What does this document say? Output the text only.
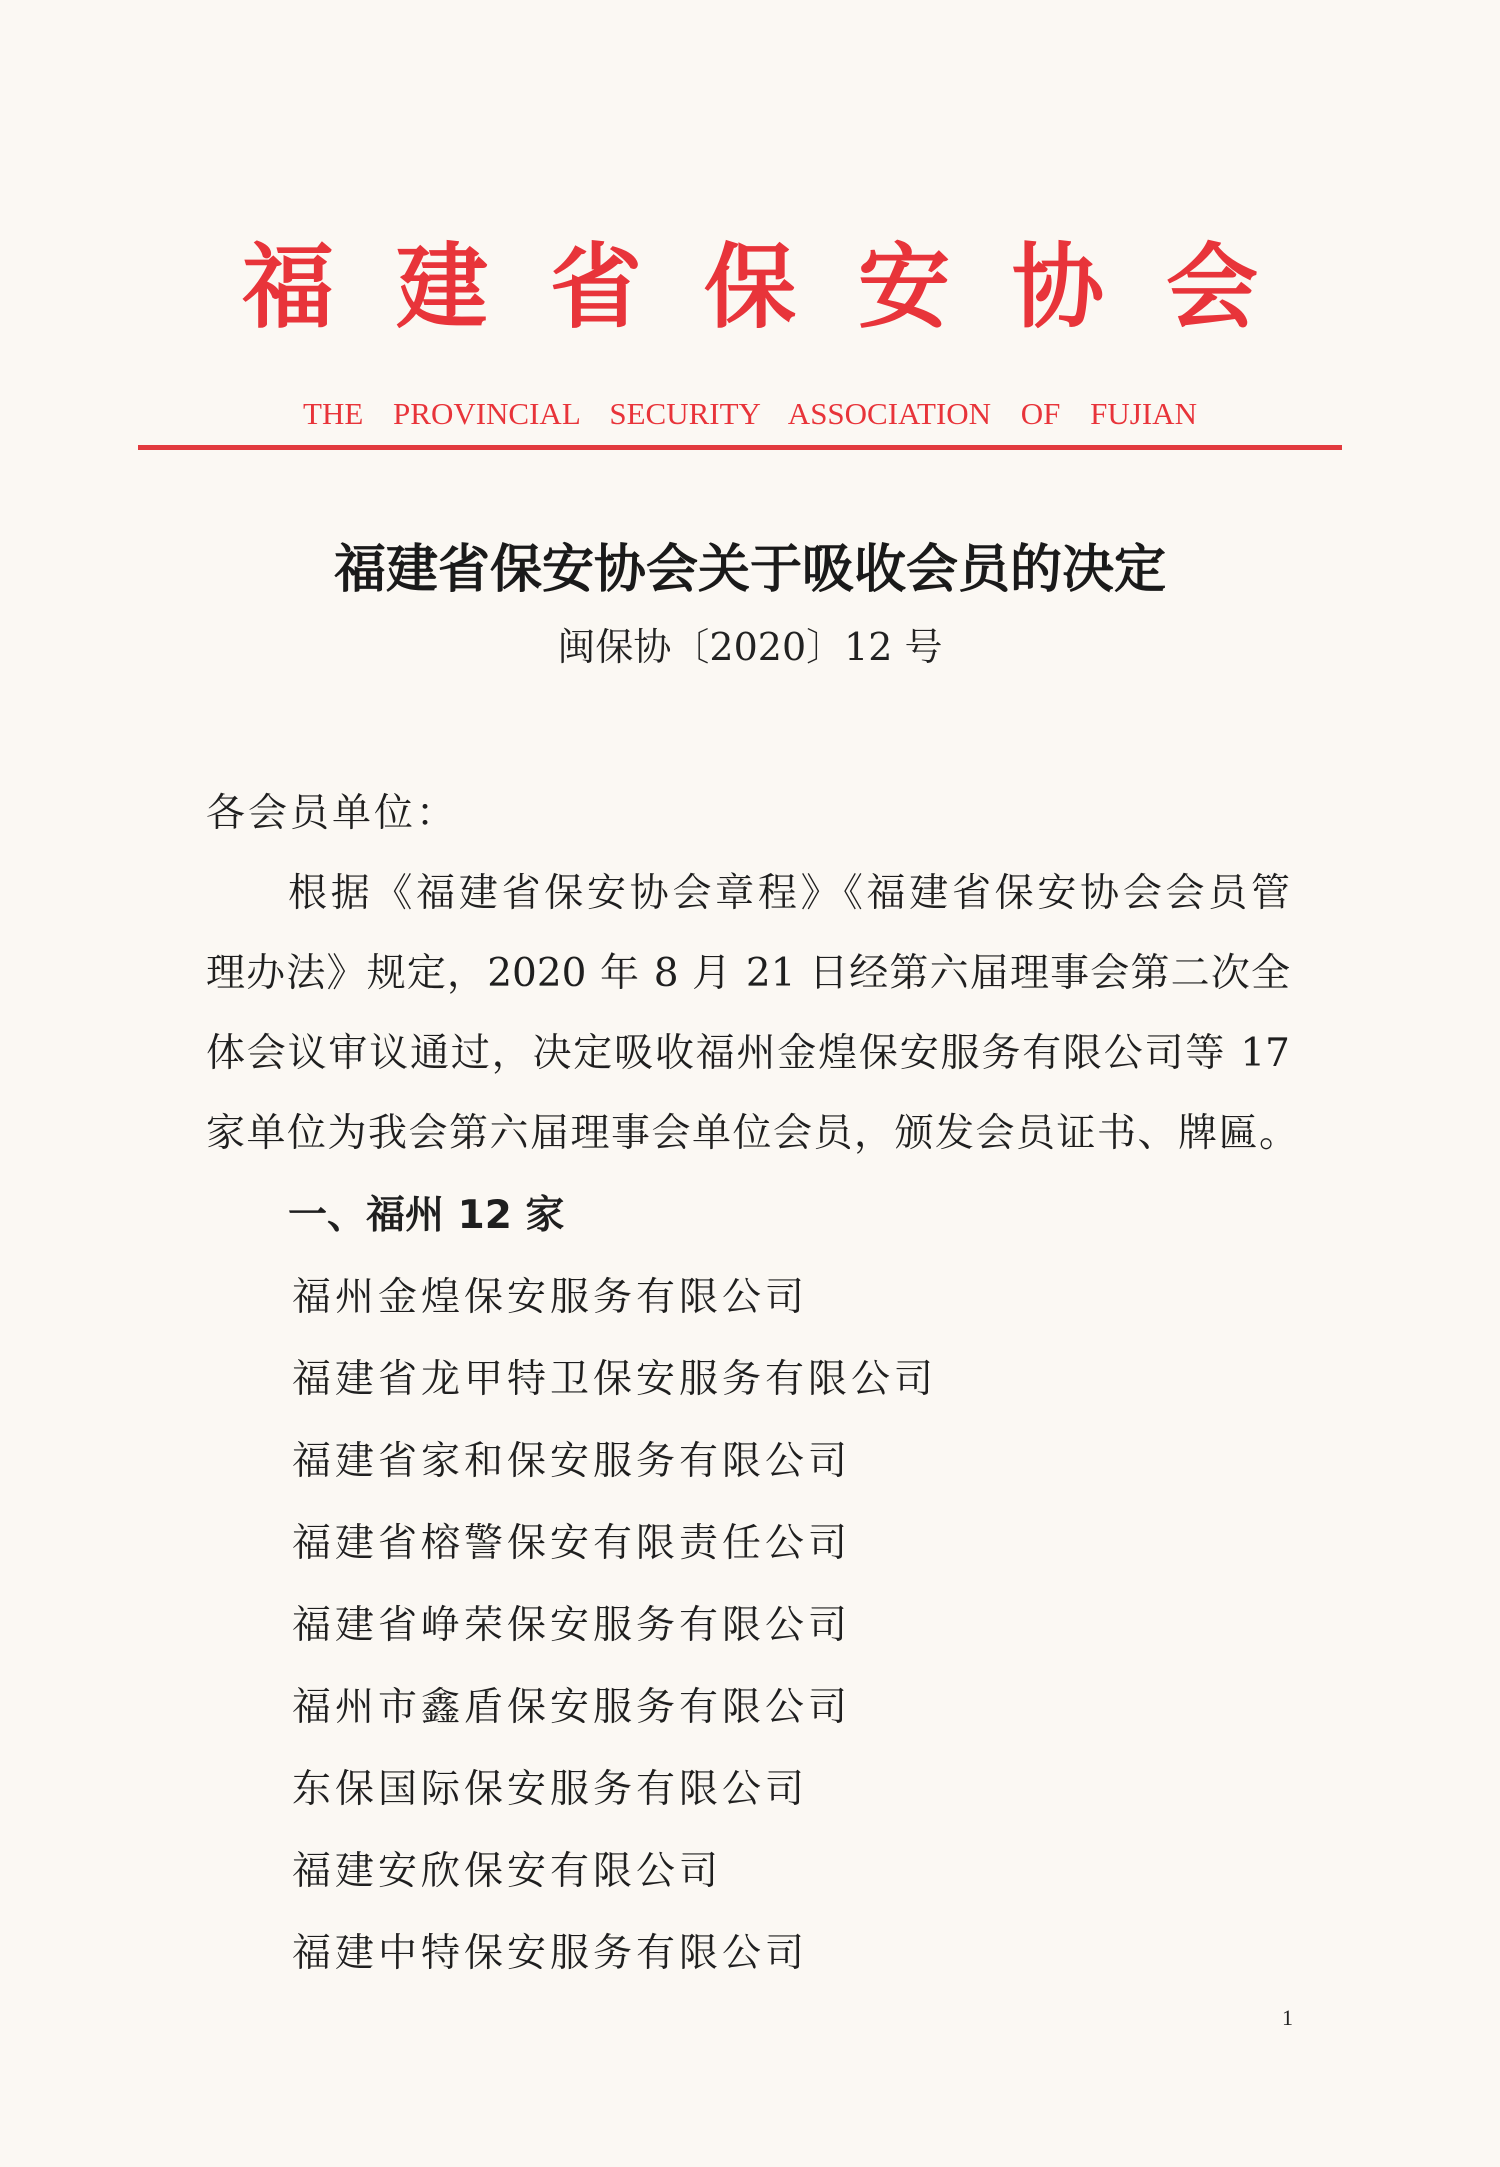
福建省保安协会
THE PROVINCIAL SECURITY ASSOCIATION OF FUJIAN
福建省保安协会关于吸收会员的决定
闽保协〔2020〕12 号
各会员单位：
根据《福建省保安协会章程》《福建省保安协会会员管
理办法》规定，2020 年 8 月 21 日经第六届理事会第二次全
体会议审议通过，决定吸收福州金煌保安服务有限公司等 17
家单位为我会第六届理事会单位会员，颁发会员证书、牌匾。
一、福州 12 家
福州金煌保安服务有限公司
福建省龙甲特卫保安服务有限公司
福建省家和保安服务有限公司
福建省榕警保安有限责任公司
福建省峥荣保安服务有限公司
福州市鑫盾保安服务有限公司
东保国际保安服务有限公司
福建安欣保安有限公司
福建中特保安服务有限公司
1
